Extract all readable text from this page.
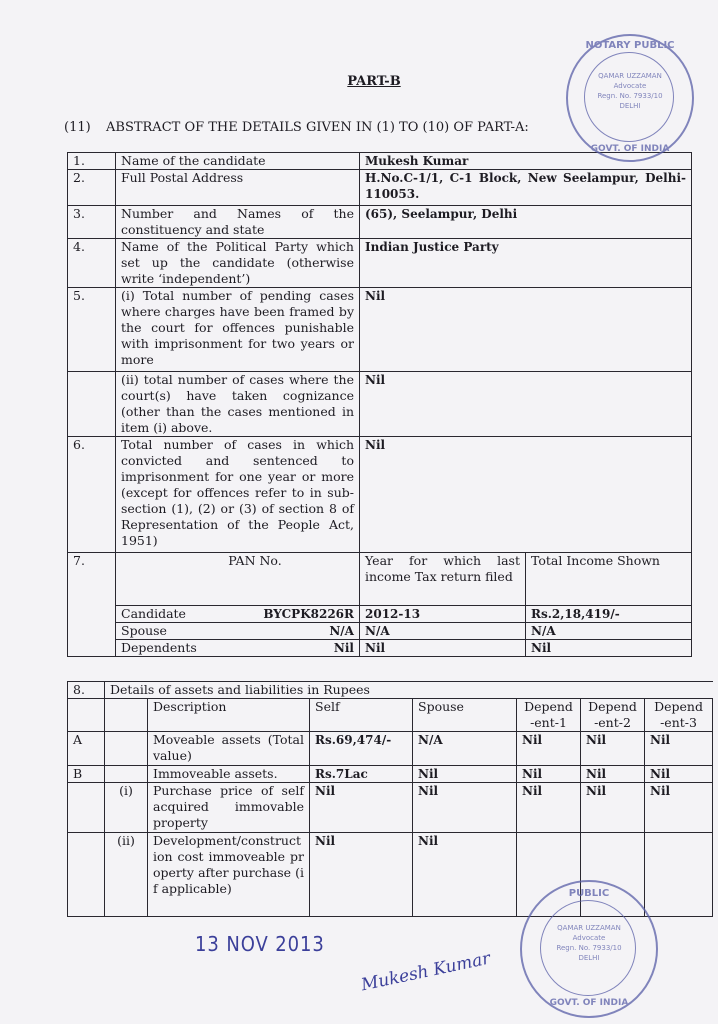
PART-B
(11) ABSTRACT OF THE DETAILS GIVEN IN (1) TO (10) OF PART-A:
1.	Name of the candidate	Mukesh Kumar	
2.	Full Postal Address	H.No.C-1/1, C-1 Block, New Seelampur, Delhi-110053.	
3.	Number and Names of the constituency and state	(65), Seelampur, Delhi	
4.	Name of the Political Party which set up the candidate (otherwise write ‘independent’)	Indian Justice Party	
5.	(i) Total number of pending cases where charges have been framed by the court for offences punishable with imprisonment for two years or more	Nil	
	(ii) total number of cases where the court(s) have taken cognizance (other than the cases mentioned in item (i) above.	Nil	
6.	Total number of cases in which convicted and sentenced to imprisonment for one year or more (except for offences refer to in sub-section (1), (2) or (3) of section 8 of Representation of the People Act, 1951)	Nil	
7.	PAN No.	Year for which last income Tax return filed	Total Income Shown

	Candidate BYCPK8226R	2012-13	Rs.2,18,419/-

	Spouse N/A	N/A	N/A

	Dependents Nil	Nil	Nil
8.	Details of assets and liabilities in Rupees						
		Description	Self	Spouse	Depend -ent-1	Depend -ent-2	Depend -ent-3
A		Moveable assets (Total value)	Rs.69,474/-	N/A	Nil	Nil	Nil
B		Immoveable assets.	Rs.7Lac	Nil	Nil	Nil	Nil
	(i)	Purchase price of self acquired immovable property	Nil	Nil	Nil	Nil	Nil
	(ii)	Development/construction cost immoveable property after purchase (if applicable)	Nil	Nil			
NOTARY PUBLIC
QAMAR UZZAMAN
Advocate
Regn. No. 7933/10
DELHI
GOVT. OF INDIA
PUBLIC
QAMAR UZZAMAN
Advocate
Regn. No. 7933/10
DELHI
GOVT. OF INDIA
13 NOV 2013
Mukesh Kumar
